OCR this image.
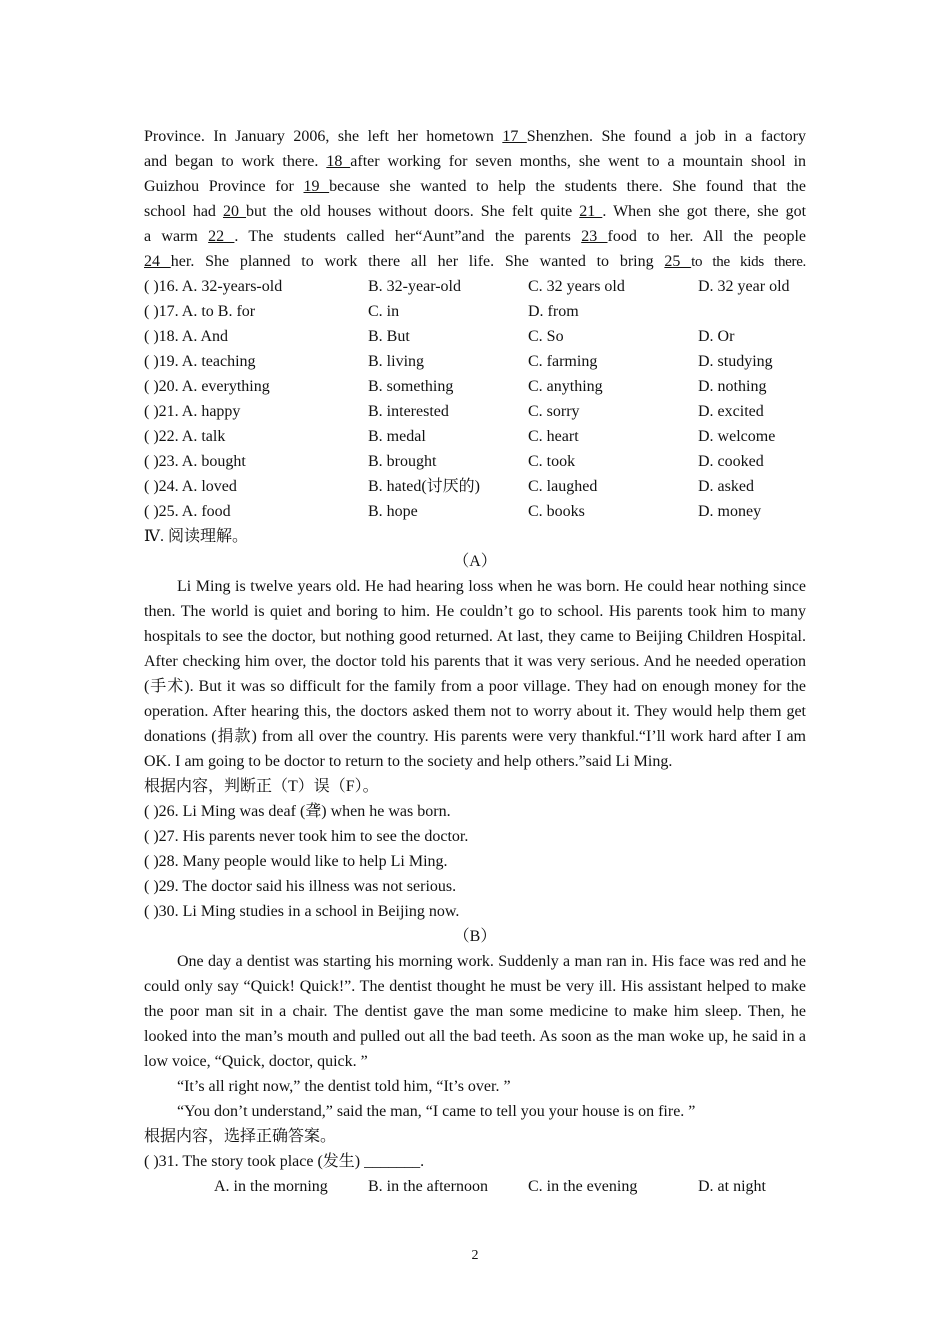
Province. In January 2006, she left her hometown 17 Shenzhen. She found a job in a factory
and began to work there. 18 after working for seven months, she went to a mountain shool in
Guizhou Province for 19 because she wanted to help the students there. She found that the
school had 20 but the old houses without doors. She felt quite 21 . When she got there, she got
a warm 22 . The students called her“Aunt”and the parents 23 food to her. All the people
24 her. She planned to work there all her life. She wanted to bring 25 to the kids there.
( )16. A. 32-years-old	B. 32-year-old	C. 32 years old	D. 32 year old
( )17. A. to B. for	C. in	D. from
( )18. A. And	B. But	C. So	D. Or
( )19. A. teaching	B. living	C. farming	D. studying
( )20. A. everything	B. something	C. anything	D. nothing
( )21. A. happy	B. interested	C. sorry	D. excited
( )22. A. talk	B. medal	C. heart	D. welcome
( )23. A. bought	B. brought	C. took	D. cooked
( )24. A. loved	B. hated(讨厌的)	C. laughed	D. asked
( )25. A. food	B. hope	C. books	D. money
Ⅳ. 阅读理解。
（A）
Li Ming is twelve years old. He had hearing loss when he was born. He could hear nothing since then. The world is quiet and boring to him. He couldn’t go to school. His parents took him to many hospitals to see the doctor, but nothing good returned. At last, they came to Beijing Children Hospital. After checking him over, the doctor told his parents that it was very serious. And he needed operation (手术). But it was so difficult for the family from a poor village. They had on enough money for the operation. After hearing this, the doctors asked them not to worry about it. They would help them get donations (捐款) from all over the country. His parents were very thankful.“I’ll work hard after I am OK. I am going to be doctor to return to the society and help others.”said Li Ming.
根据内容，判断正（T）误（F）。
( )26. Li Ming was deaf (聋) when he was born.
( )27. His parents never took him to see the doctor.
( )28. Many people would like to help Li Ming.
( )29. The doctor said his illness was not serious.
( )30. Li Ming studies in a school in Beijing now.
（B）
One day a dentist was starting his morning work. Suddenly a man ran in. His face was red and he could only say “Quick! Quick!”. The dentist thought he must be very ill. His assistant helped to make the poor man sit in a chair. The dentist gave the man some medicine to make him sleep. Then, he looked into the man’s mouth and pulled out all the bad teeth. As soon as the man woke up, he said in a low voice, “Quick, doctor, quick. ”
“It’s all right now,” the dentist told him, “It’s over. ”
“You don’t understand,” said the man, “I came to tell you your house is on fire. ”
根据内容，选择正确答案。
( )31. The story took place (发生) _______.
A. in the morning	B. in the afternoon	C. in the evening	D. at night
2
